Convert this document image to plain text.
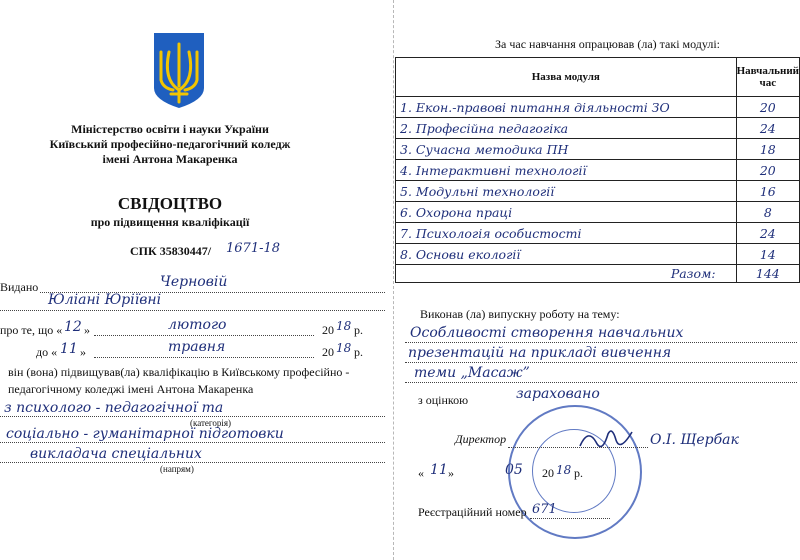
Міністерство освіти і науки України
Київський професійно-педагогічний коледж
імені Антона Макаренка
СВІДОЦТВО
про підвищення кваліфікації
СПК 35830447/ 1671-18
Видано	Черновій
Юліані Юріївні
про те, що « 12 »	лютого	20 18 р.
до « 11 »	травня	20 18 р.
він (вона) підвищував(ла) кваліфікацію в Київському професійно -
педагогічному коледжі імені Антона Макаренка
з психолого - педагогічної та
(категорія)
соціально - гуманітарної підготовки
викладача спеціальних
(напрям)
За час навчання опрацював (ла) такі модулі:
Назва модуля	Навчальний час
1. Екон.-правові питання діяльності ЗО	20
2. Професійна педагогіка	24
3. Сучасна методика ПН	18
4. Інтерактивні технології	20
5. Модульні технології	16
6. Охорона праці	8
7. Психологія особистості	24
8. Основи екології	14
Разом:	144
Виконав (ла) випускну роботу на тему:
Особливості створення навчальних
презентацій на прикладі вивчення
теми „Масаж”
зараховано
з оцінкою
Директор	О.І. Щербак
« 11 »	05 20 18 р.
Реєстраційний номер 671
